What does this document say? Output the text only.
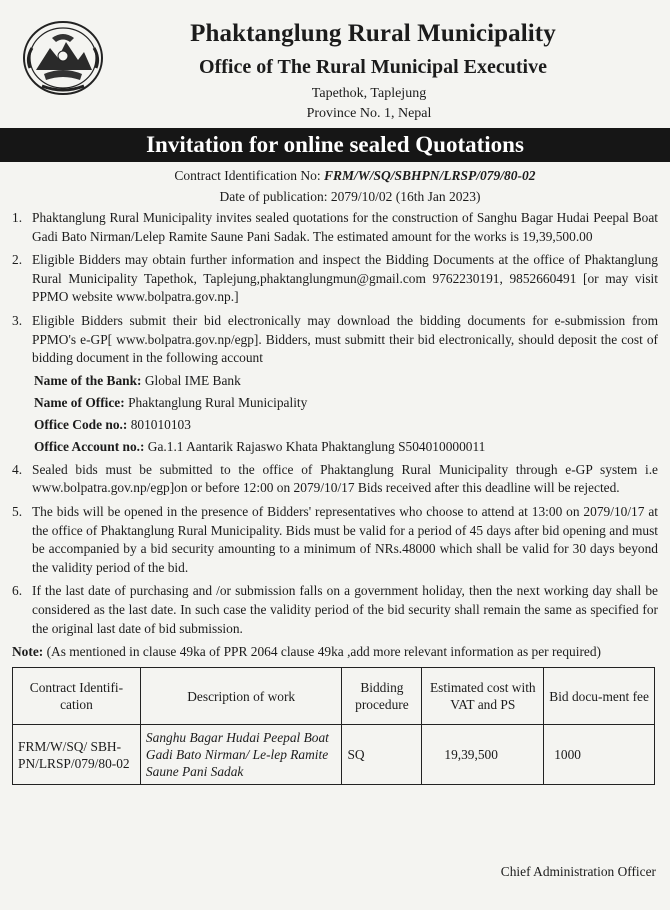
Phaktanglung Rural Municipality
Office of The Rural Municipal Executive
Tapethok, Taplejung
Province No. 1, Nepal
Invitation for online sealed Quotations
Contract Identification No: FRM/W/SQ/SBHPN/LRSP/079/80-02
Date of publication: 2079/10/02 (16th Jan 2023)
1. Phaktanglung Rural Municipality invites sealed quotations for the construction of Sanghu Bagar Hudai Peepal Boat Gadi Bato Nirman/Lelep Ramite Saune Pani Sadak. The estimated amount for the works is 19,39,500.00
2. Eligible Bidders may obtain further information and inspect the Bidding Documents at the office of Phaktanglung Rural Municipality Tapethok, Taplejung,phaktanglungmun@gmail.com 9762230191, 9852660491 [or may visit PPMO website www.bolpatra.gov.np.]
3. Eligible Bidders submit their bid electronically may download the bidding documents for e-submission from PPMO's e-GP[ www.bolpatra.gov.np/egp]. Bidders, must submitt their bid electronically, should deposit the cost of bidding document in the following account
Name of the Bank: Global IME Bank
Name of Office: Phaktanglung Rural Municipality
Office Code no.: 801010103
Office Account no.: Ga.1.1 Aantarik Rajaswo Khata Phaktanglung S504010000011
4. Sealed bids must be submitted to the office of Phaktanglung Rural Municipality through e-GP system i.e www.bolpatra.gov.np/egp]on or before 12:00 on 2079/10/17 Bids received after this deadline will be rejected.
5. The bids will be opened in the presence of Bidders' representatives who choose to attend at 13:00 on 2079/10/17 at the office of Phaktanglung Rural Municipality. Bids must be valid for a period of 45 days after bid opening and must be accompanied by a bid security amounting to a minimum of NRs.48000 which shall be valid for 30 days beyond the validity period of the bid.
6. If the last date of purchasing and /or submission falls on a government holiday, then the next working day shall be considered as the last date. In such case the validity period of the bid security shall remain the same as specified for the original last date of bid submission.
Note: (As mentioned in clause 49ka of PPR 2064 clause 49ka ,add more relevant information as per required)
Contract Identifi-cation	Description of work	Bidding procedure	Estimated cost with VAT and PS	Bid docu-ment fee
FRM/W/SQ/ SBH-PN/LRSP/079/80-02	Sanghu Bagar Hudai Peepal Boat Gadi Bato Nirman/ Le-lep Ramite Saune Pani Sadak	SQ	19,39,500	1000
Chief Administration Officer
